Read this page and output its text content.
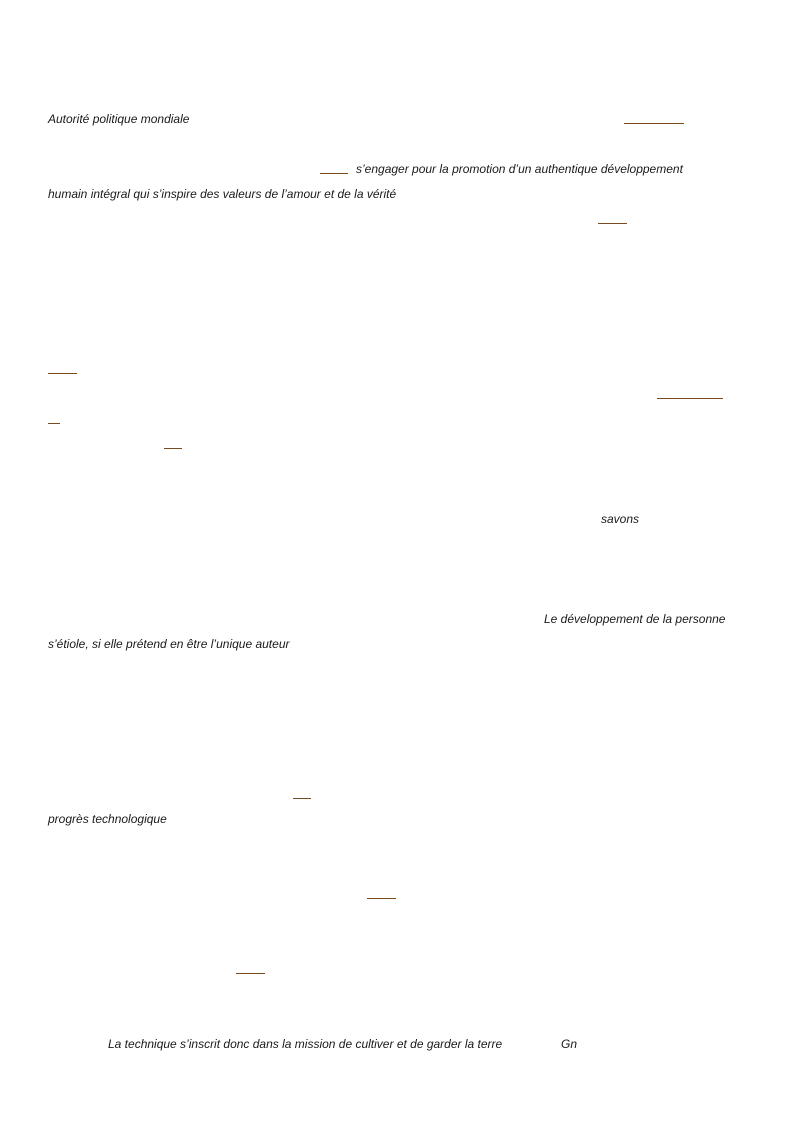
Autorité politique mondiale
s’engager pour la promotion d’un authentique développement
humain intégral qui s’inspire des valeurs de l’amour et de la vérité
savons
Le développement de la personne
s’étiole, si elle prétend en être l’unique auteur
progrès technologique
La technique s’inscrit donc dans la mission de cultiver et de garder la terre	Gn
